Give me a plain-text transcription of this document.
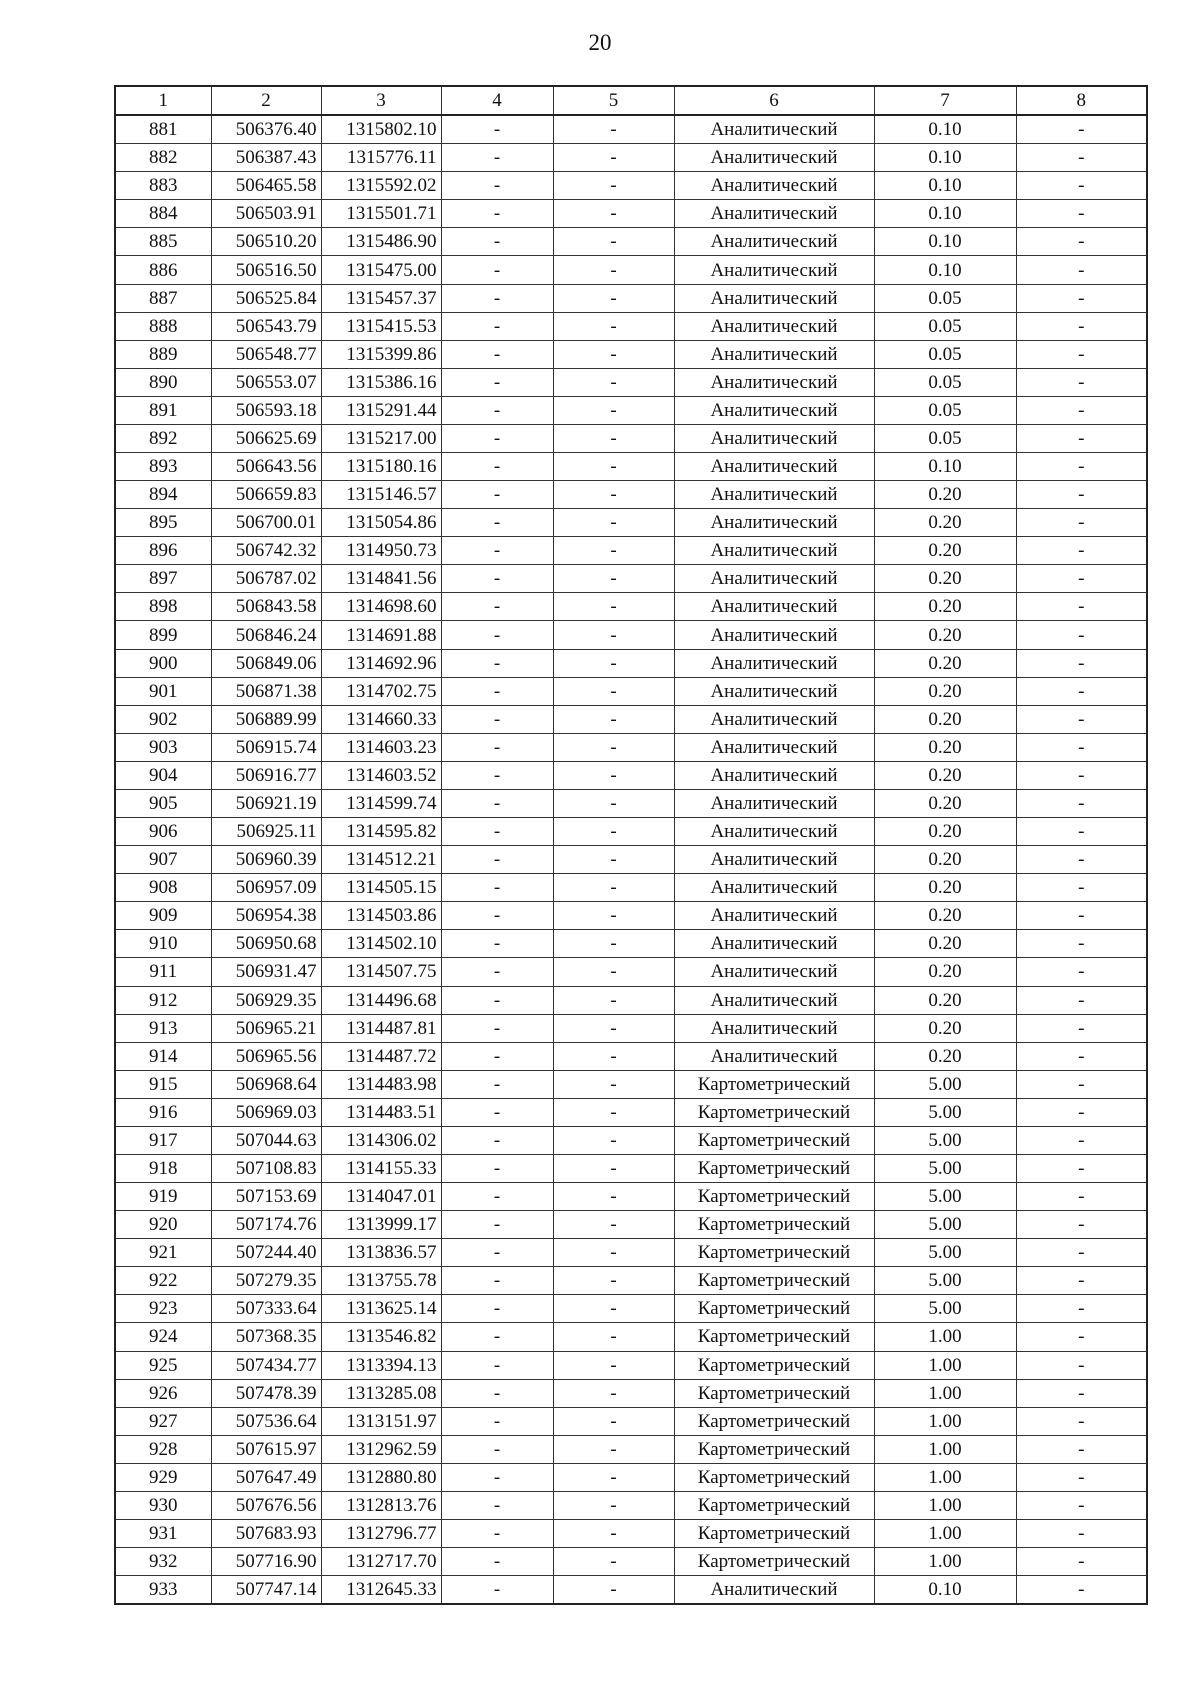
20
1	2	3	4	5	6	7	8
881	506376.40	1315802.10	-	-	Аналитический	0.10	-
882	506387.43	1315776.11	-	-	Аналитический	0.10	-
883	506465.58	1315592.02	-	-	Аналитический	0.10	-
884	506503.91	1315501.71	-	-	Аналитический	0.10	-
885	506510.20	1315486.90	-	-	Аналитический	0.10	-
886	506516.50	1315475.00	-	-	Аналитический	0.10	-
887	506525.84	1315457.37	-	-	Аналитический	0.05	-
888	506543.79	1315415.53	-	-	Аналитический	0.05	-
889	506548.77	1315399.86	-	-	Аналитический	0.05	-
890	506553.07	1315386.16	-	-	Аналитический	0.05	-
891	506593.18	1315291.44	-	-	Аналитический	0.05	-
892	506625.69	1315217.00	-	-	Аналитический	0.05	-
893	506643.56	1315180.16	-	-	Аналитический	0.10	-
894	506659.83	1315146.57	-	-	Аналитический	0.20	-
895	506700.01	1315054.86	-	-	Аналитический	0.20	-
896	506742.32	1314950.73	-	-	Аналитический	0.20	-
897	506787.02	1314841.56	-	-	Аналитический	0.20	-
898	506843.58	1314698.60	-	-	Аналитический	0.20	-
899	506846.24	1314691.88	-	-	Аналитический	0.20	-
900	506849.06	1314692.96	-	-	Аналитический	0.20	-
901	506871.38	1314702.75	-	-	Аналитический	0.20	-
902	506889.99	1314660.33	-	-	Аналитический	0.20	-
903	506915.74	1314603.23	-	-	Аналитический	0.20	-
904	506916.77	1314603.52	-	-	Аналитический	0.20	-
905	506921.19	1314599.74	-	-	Аналитический	0.20	-
906	506925.11	1314595.82	-	-	Аналитический	0.20	-
907	506960.39	1314512.21	-	-	Аналитический	0.20	-
908	506957.09	1314505.15	-	-	Аналитический	0.20	-
909	506954.38	1314503.86	-	-	Аналитический	0.20	-
910	506950.68	1314502.10	-	-	Аналитический	0.20	-
911	506931.47	1314507.75	-	-	Аналитический	0.20	-
912	506929.35	1314496.68	-	-	Аналитический	0.20	-
913	506965.21	1314487.81	-	-	Аналитический	0.20	-
914	506965.56	1314487.72	-	-	Аналитический	0.20	-
915	506968.64	1314483.98	-	-	Картометрический	5.00	-
916	506969.03	1314483.51	-	-	Картометрический	5.00	-
917	507044.63	1314306.02	-	-	Картометрический	5.00	-
918	507108.83	1314155.33	-	-	Картометрический	5.00	-
919	507153.69	1314047.01	-	-	Картометрический	5.00	-
920	507174.76	1313999.17	-	-	Картометрический	5.00	-
921	507244.40	1313836.57	-	-	Картометрический	5.00	-
922	507279.35	1313755.78	-	-	Картометрический	5.00	-
923	507333.64	1313625.14	-	-	Картометрический	5.00	-
924	507368.35	1313546.82	-	-	Картометрический	1.00	-
925	507434.77	1313394.13	-	-	Картометрический	1.00	-
926	507478.39	1313285.08	-	-	Картометрический	1.00	-
927	507536.64	1313151.97	-	-	Картометрический	1.00	-
928	507615.97	1312962.59	-	-	Картометрический	1.00	-
929	507647.49	1312880.80	-	-	Картометрический	1.00	-
930	507676.56	1312813.76	-	-	Картометрический	1.00	-
931	507683.93	1312796.77	-	-	Картометрический	1.00	-
932	507716.90	1312717.70	-	-	Картометрический	1.00	-
933	507747.14	1312645.33	-	-	Аналитический	0.10	-
